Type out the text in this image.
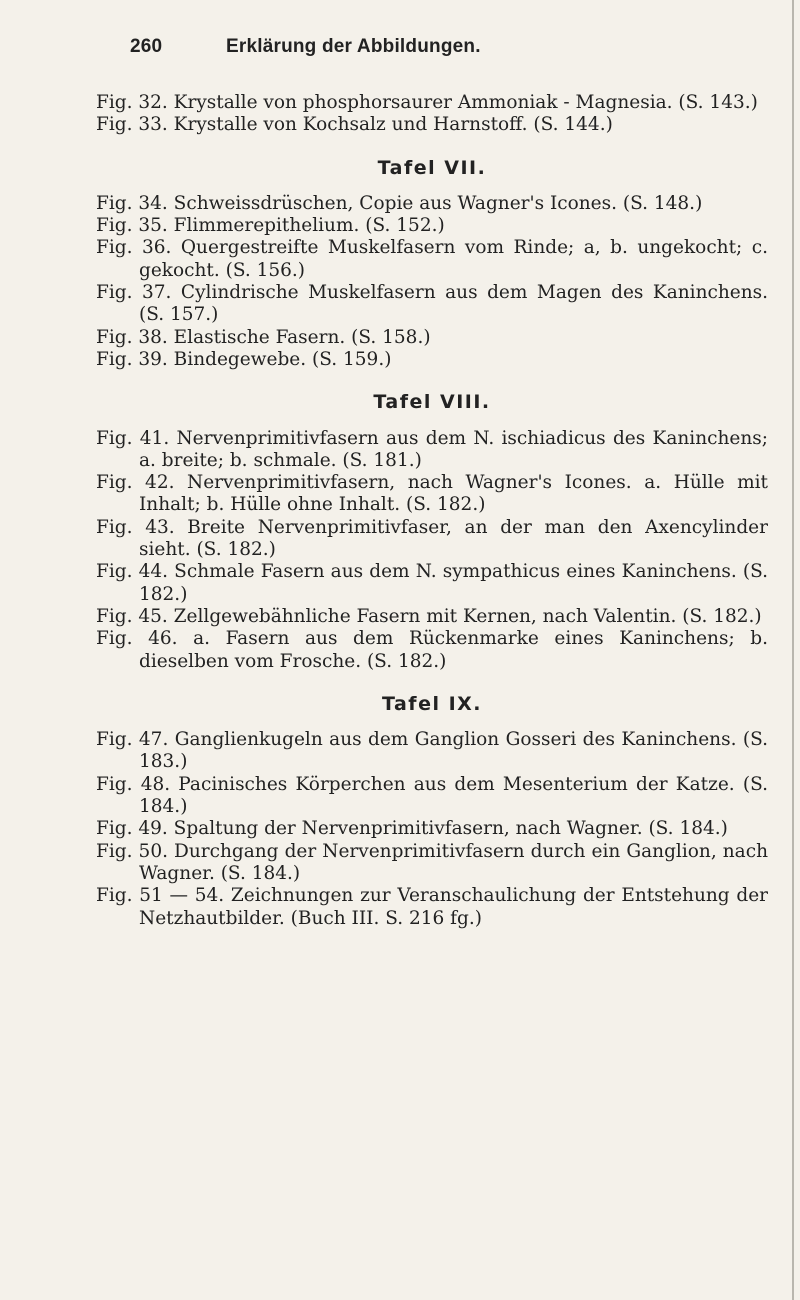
260	Erklärung der Abbildungen.

Fig. 32. Krystalle von phosphorsaurer Ammoniak - Magnesia. (S. 143.)

Fig. 33. Krystalle von Kochsalz und Harnstoff. (S. 144.)

Tafel VII.

Fig. 34. Schweissdrüschen, Copie aus Wagner's Icones. (S. 148.)

Fig. 35. Flimmerepithelium. (S. 152.)

Fig. 36. Quergestreifte Muskelfasern vom Rinde; a, b. ungekocht; c. gekocht. (S. 156.)

Fig. 37. Cylindrische Muskelfasern aus dem Magen des Kaninchens. (S. 157.)

Fig. 38. Elastische Fasern. (S. 158.)

Fig. 39. Bindegewebe. (S. 159.)

Tafel VIII.

Fig. 41. Nervenprimitivfasern aus dem N. ischiadicus des Kaninchens; a. breite; b. schmale. (S. 181.)

Fig. 42. Nervenprimitivfasern, nach Wagner's Icones. a. Hülle mit Inhalt; b. Hülle ohne Inhalt. (S. 182.)

Fig. 43. Breite Nervenprimitivfaser, an der man den Axencylinder sieht. (S. 182.)

Fig. 44. Schmale Fasern aus dem N. sympathicus eines Kaninchens. (S. 182.)

Fig. 45. Zellgewebähnliche Fasern mit Kernen, nach Valentin. (S. 182.)

Fig. 46. a. Fasern aus dem Rückenmarke eines Kaninchens; b. dieselben vom Frosche. (S. 182.)

Tafel IX.

Fig. 47. Ganglienkugeln aus dem Ganglion Gosseri des Kaninchens. (S. 183.)

Fig. 48. Pacinisches Körperchen aus dem Mesenterium der Katze. (S. 184.)

Fig. 49. Spaltung der Nervenprimitivfasern, nach Wagner. (S. 184.)

Fig. 50. Durchgang der Nervenprimitivfasern durch ein Ganglion, nach Wagner. (S. 184.)

Fig. 51 — 54. Zeichnungen zur Veranschaulichung der Entstehung der Netzhautbilder. (Buch III. S. 216 fg.)
